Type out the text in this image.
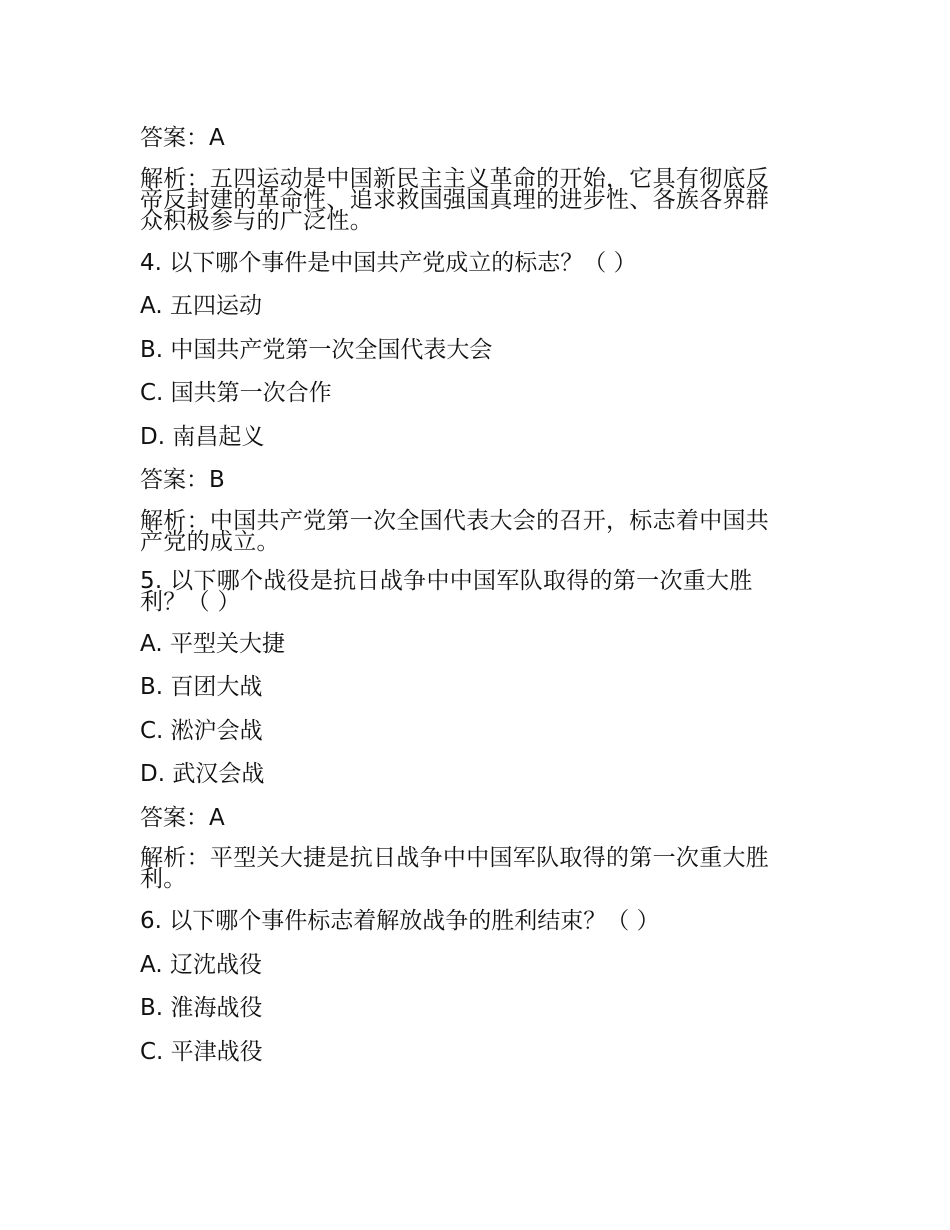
答案：A
解析：五四运动是中国新民主主义革命的开始，它具有彻底反
帝反封建的革命性、追求救国强国真理的进步性、各族各界群
众积极参与的广泛性。
4. 以下哪个事件是中国共产党成立的标志？（ ）
A. 五四运动
B. 中国共产党第一次全国代表大会
C. 国共第一次合作
D. 南昌起义
答案：B
解析：中国共产党第一次全国代表大会的召开，标志着中国共
产党的成立。
5. 以下哪个战役是抗日战争中中国军队取得的第一次重大胜
利？（ ）
A. 平型关大捷
B. 百团大战
C. 淞沪会战
D. 武汉会战
答案：A
解析：平型关大捷是抗日战争中中国军队取得的第一次重大胜
利。
6. 以下哪个事件标志着解放战争的胜利结束？（ ）
A. 辽沈战役
B. 淮海战役
C. 平津战役
